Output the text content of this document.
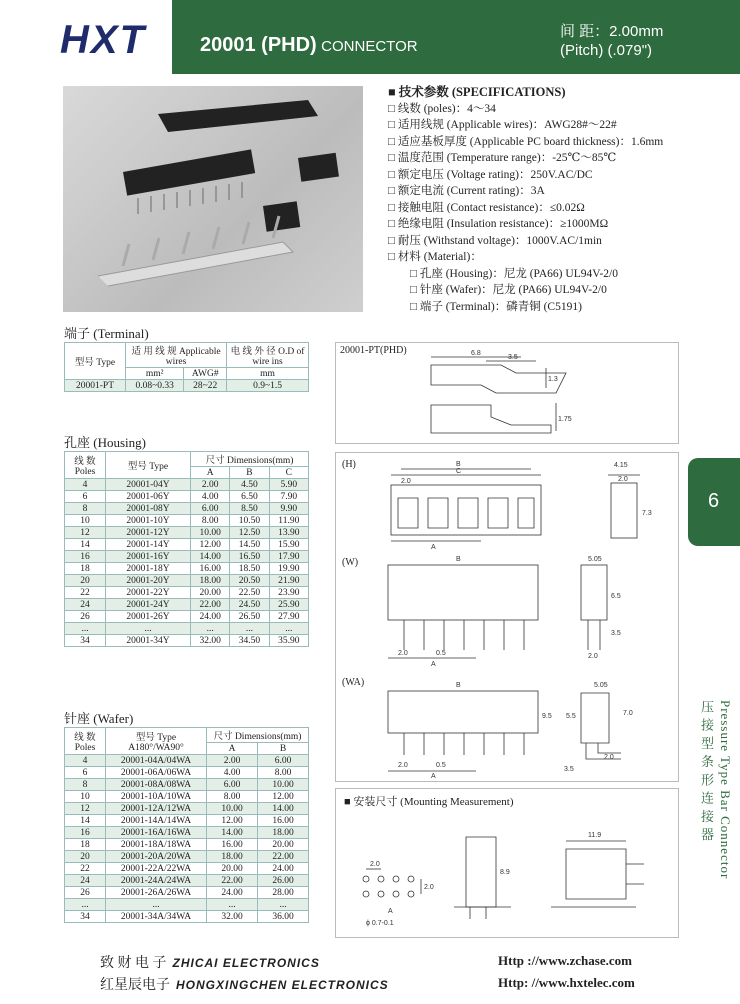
HXT	20001 (PHD) CONNECTOR
间 距：2.00mm
(Pitch) (.079")
■ 技术参数 (SPECIFICATIONS)
□ 线数 (poles)：4～34
□ 适用线规 (Applicable wires)：AWG28#～22#
□ 适应基板厚度 (Applicable PC board thickness)：1.6mm
□ 温度范围 (Temperature range)：-25℃～85℃
□ 额定电压 (Voltage rating)：250V.AC/DC
□ 额定电流 (Current rating)：3A
□ 接触电阻 (Contact resistance)：≤0.02Ω
□ 绝缘电阻 (Insulation resistance)：≥1000MΩ
□ 耐压 (Withstand voltage)：1000V.AC/1min
□ 材料 (Material)：
□ 孔座 (Housing)：尼龙 (PA66) UL94V-2/0
□ 针座 (Wafer)：尼龙 (PA66) UL94V-2/0
□ 端子 (Terminal)：磷青铜 (C5191)
端子 (Terminal)
型号 Type	适 用 线 规 Applicable wires		电 线 外 径 O.D of wire ins
	mm²	AWG#	mm
20001-PT	0.08~0.33	28~22	0.9~1.5
孔座 (Housing)
线 数 Poles	型号 Type	尺寸 Dimensions(mm)		
		A	B	C
4	20001-04Y	2.00	4.50	5.90
6	20001-06Y	4.00	6.50	7.90
8	20001-08Y	6.00	8.50	9.90
10	20001-10Y	8.00	10.50	11.90
12	20001-12Y	10.00	12.50	13.90
14	20001-14Y	12.00	14.50	15.90
16	20001-16Y	14.00	16.50	17.90
18	20001-18Y	16.00	18.50	19.90
20	20001-20Y	18.00	20.50	21.90
22	20001-22Y	20.00	22.50	23.90
24	20001-24Y	22.00	24.50	25.90
26	20001-26Y	24.00	26.50	27.90
...	...	...	...	...
34	20001-34Y	32.00	34.50	35.90
针座 (Wafer)
线 数 Poles	型号 Type A180°/WA90°	尺寸 Dimensions(mm)	
		A	B
4	20001-04A/04WA	2.00	6.00
6	20001-06A/06WA	4.00	8.00
8	20001-08A/08WA	6.00	10.00
10	20001-10A/10WA	8.00	12.00
12	20001-12A/12WA	10.00	14.00
14	20001-14A/14WA	12.00	16.00
16	20001-16A/16WA	14.00	18.00
18	20001-18A/18WA	16.00	20.00
20	20001-20A/20WA	18.00	22.00
22	20001-22A/22WA	20.00	24.00
24	20001-24A/24WA	22.00	26.00
26	20001-26A/26WA	24.00	28.00
...	...	...	...
34	20001-34A/34WA	32.00	36.00
20001-PT(PHD)	6.8
3.5
1.3
1.75
(H)
(W)
(WA)
B
C
2.0
A
4.15
2.0
7.3
B	5.05
6.5
3.5
2.0	0.5
A
2.0
B	5.05
9.5 5.5	7.0
2.0	0.5
A
3.5
2.0
■ 安装尺寸 (Mounting Measurement)
2.0
2.0
A
ϕ 0.7-0.1
8.9
11.9
6
压 接 型 条 形 连 接 器 Pressure Type Bar Connector
致 财 电 子 ZHICAI ELECTRONICS
红星辰电子 HONGXINGCHEN ELECTRONICS
Http ://www.zchase.com
Http: //www.hxtelec.com
